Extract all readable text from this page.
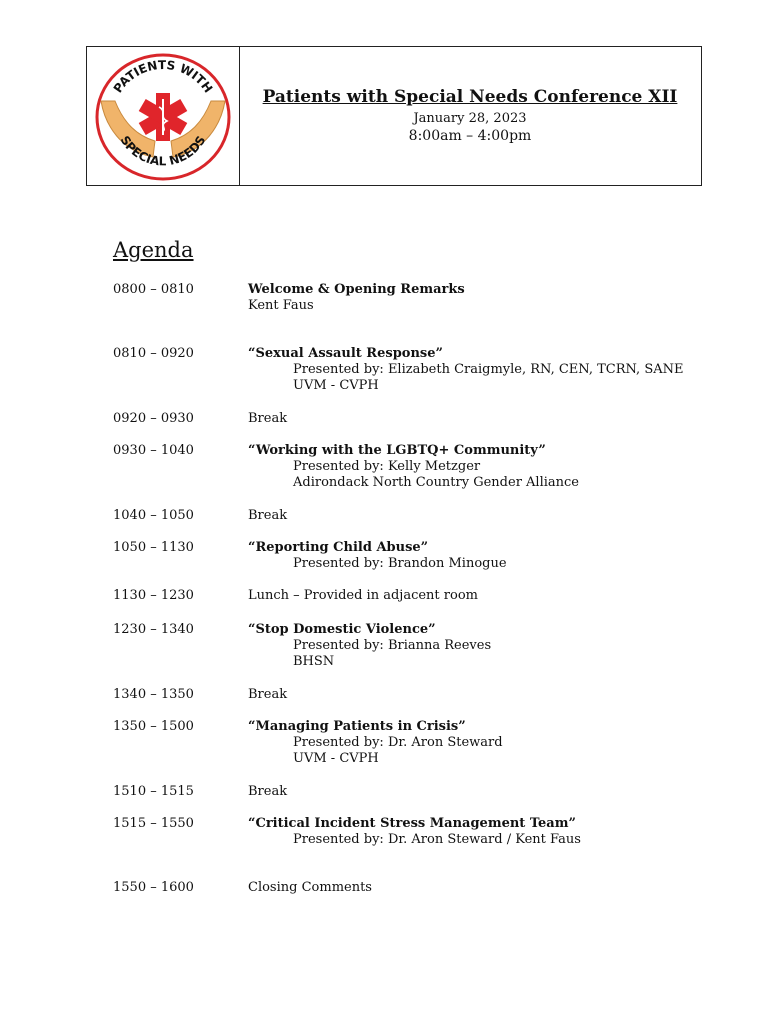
PATIENTS WITH
SPECIAL NEEDS
Patients with Special Needs Conference XII
January 28, 2023
8:00am – 4:00pm
Agenda
0800 – 0810	Welcome & Opening Remarks
Kent Faus
0810 – 0920	“Sexual Assault Response”
Presented by: Elizabeth Craigmyle, RN, CEN, TCRN, SANE
UVM - CVPH
0920 – 0930	Break
0930 – 1040	“Working with the LGBTQ+ Community”
Presented by: Kelly Metzger
Adirondack North Country Gender Alliance
1040 – 1050	Break
1050 – 1130	“Reporting Child Abuse”
Presented by: Brandon Minogue
1130 – 1230	Lunch – Provided in adjacent room
1230 – 1340	“Stop Domestic Violence”
Presented by: Brianna Reeves
BHSN
1340 – 1350	Break
1350 – 1500	“Managing Patients in Crisis”
Presented by: Dr. Aron Steward
UVM - CVPH
1510 – 1515	Break
1515 – 1550	“Critical Incident Stress Management Team”
Presented by: Dr. Aron Steward / Kent Faus
1550 – 1600	Closing Comments
